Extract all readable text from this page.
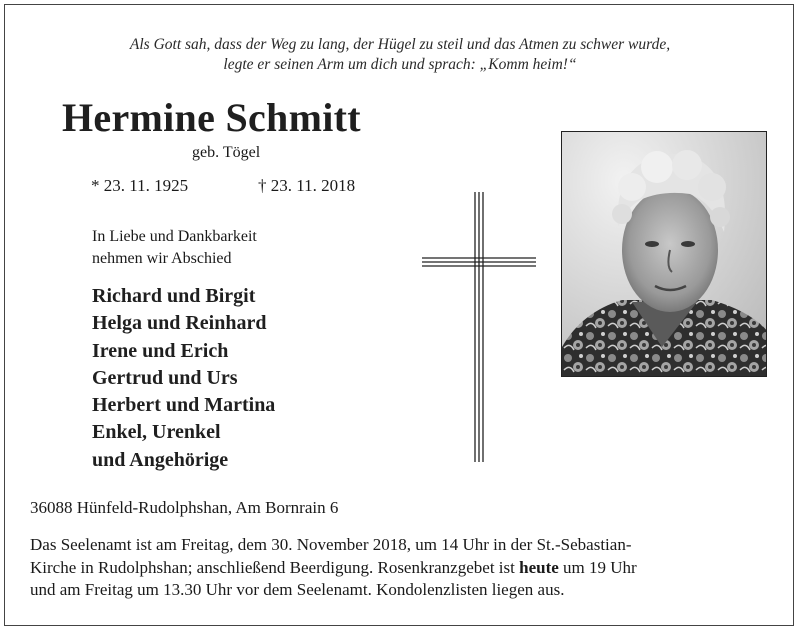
Als Gott sah, dass der Weg zu lang, der Hügel zu steil und das Atmen zu schwer wurde,
legte er seinen Arm um dich und sprach: „Komm heim!“
Hermine Schmitt
geb. Tögel
* 23. 11. 1925	† 23. 11. 2018
In Liebe und Dankbarkeit
nehmen wir Abschied
Richard und Birgit
Helga und Reinhard
Irene und Erich
Gertrud und Urs
Herbert und Martina
Enkel, Urenkel
und Angehörige
36088 Hünfeld-Rudolphshan, Am Bornrain 6
Das Seelenamt ist am Freitag, dem 30. November 2018, um 14 Uhr in der St.-Sebastian-
Kirche in Rudolphshan; anschließend Beerdigung. Rosenkranzgebet ist heute um 19 Uhr
und am Freitag um 13.30 Uhr vor dem Seelenamt. Kondolenzlisten liegen aus.
